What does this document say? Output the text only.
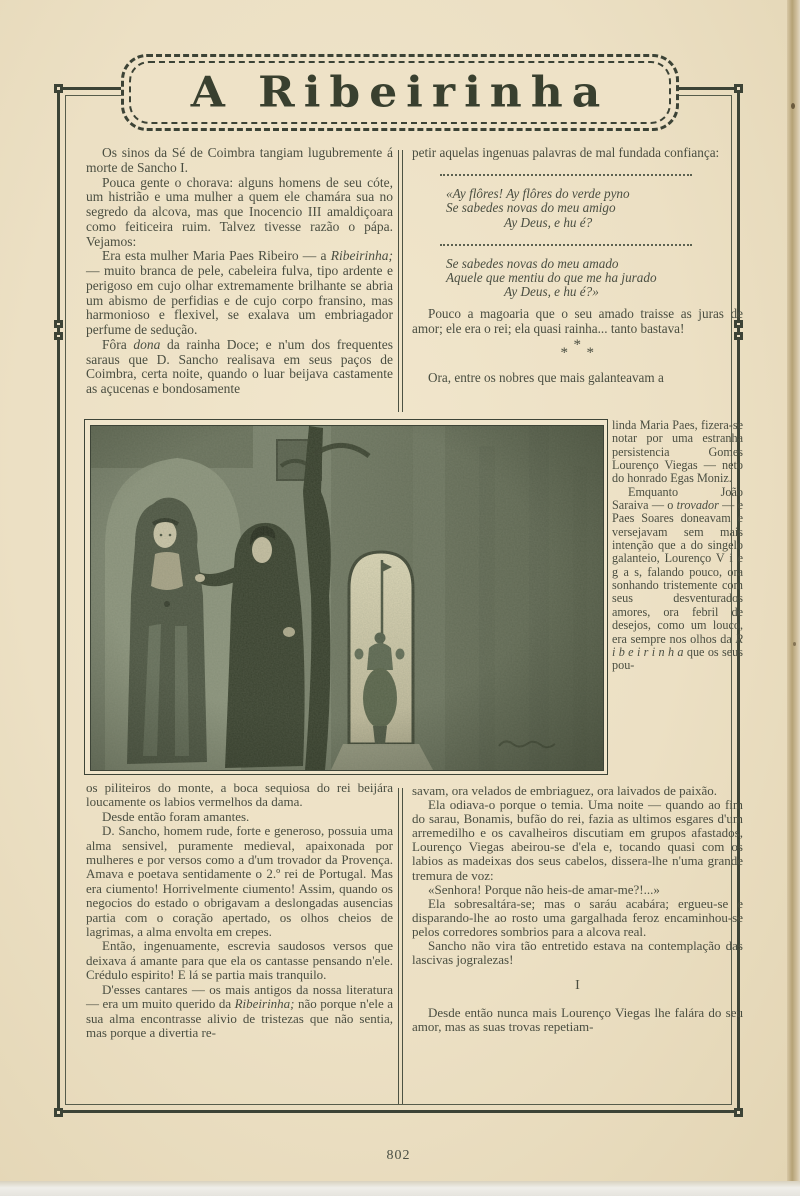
A Ribeirinha

Os sinos da Sé de Coimbra tangiam lugubremente á morte de Sancho I.

Pouca gente o chorava: alguns homens de seu cóte, um histrião e uma mulher a quem ele chamára sua no segredo da alcova, mas que Inocencio III amaldiçoara como feiticeira ruim. Talvez tivesse razão o pápa. Vejamos:

Era esta mulher Maria Paes Ribeiro — a Ribeirinha; — muito branca de pele, cabeleira fulva, tipo ardente e perigoso em cujo olhar extremamente brilhante se abria um abismo de perfidias e de cujo corpo fransino, mas harmonioso e flexivel, se exalava um embriagador perfume de sedução.

Fôra dona da rainha Doce; e n'um dos frequentes saraus que D. Sancho realisava em seus paços de Coimbra, certa noite, quando o luar beijava castamente as açucenas e bondosamente

petir aquelas ingenuas palavras de mal fundada confiança:

«Ay flôres! Ay flôres do verde pyno
Se sabedes novas do meu amigo
Ay Deus, e hu é?
Se sabedes novas do meu amado
Aquele que mentiu do que me ha jurado
Ay Deus, e hu é?»

Pouco a magoaria que o seu amado traisse as juras de amor; ele era o rei; ela quasi rainha... tanto bastava!

*
* *

Ora, entre os nobres que mais galanteavam a

linda Maria Paes, fizera-se notar por uma estranha persistencia Gomes Lourenço Viegas — neto do honrado Egas Moniz.

Emquanto João Saraiva — o trovador — e Paes Soares doneavam e versejavam sem mais intenção que a do singelo galanteio, Lourenço V i e g a s, falando pouco, ora sonhando tristemente com seus desventurados amores, ora febril de desejos, como um louco, era sempre nos olhos da R i b e i r i n h a que os seus pou-

os piliteiros do monte, a boca sequiosa do rei beijára loucamente os labios vermelhos da dama.

Desde então foram amantes.

D. Sancho, homem rude, forte e generoso, possuia uma alma sensivel, puramente medieval, apaixonada por mulheres e por versos como a d'um trovador da Provença. Amava e poetava sentidamente o 2.º rei de Portugal. Mas era ciumento! Horrivelmente ciumento! Assim, quando os negocios do estado o obrigavam a deslongadas ausencias partia com o coração apertado, os olhos cheios de lagrimas, a alma envolta em crepes.

Então, ingenuamente, escrevia saudosos versos que deixava á amante para que ela os cantasse pensando n'ele. Crédulo espirito! E lá se partia mais tranquilo.

D'esses cantares — os mais antigos da nossa literatura — era um muito querido da Ribeirinha; não porque n'ele a sua alma encontrasse alivio de tristezas que não sentia, mas porque a divertia re-

savam, ora velados de embriaguez, ora laivados de paixão.

Ela odiava-o porque o temia. Uma noite — quando ao fim do sarau, Bonamis, bufão do rei, fazia as ultimos esgares d'um arremedilho e os cavalheiros discutiam em grupos afastados, Lourenço Viegas abeirou-se d'ela e, tocando quasi com os labios as madeixas dos seus cabelos, dissera-lhe n'uma grande tremura de voz:

«Senhora! Porque não heis-de amar-me?!...»

Ela sobresaltára-se; mas o saráu acabára; ergueu-se e disparando-lhe ao rosto uma gargalhada feroz encaminhou-se pelos corredores sombrios para a alcova real.

Sancho não vira tão entretido estava na contemplação das lascivas jogralezas!

I

Desde então nunca mais Lourenço Viegas lhe falára do seu amor, mas as suas trovas repetiam-

802
